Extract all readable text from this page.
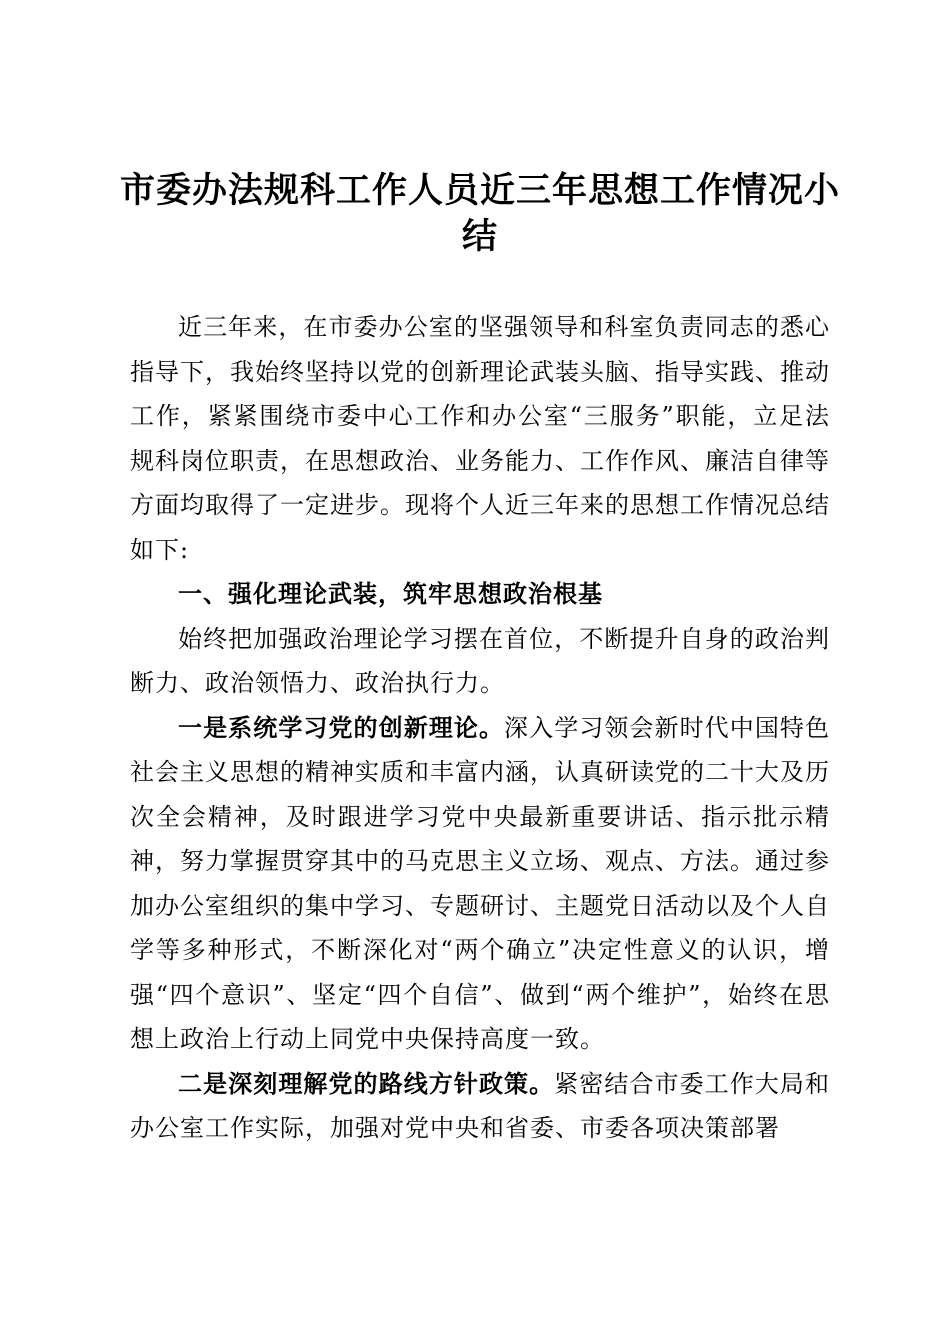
市委办法规科工作人员近三年思想工作情况小结

近三年来，在市委办公室的坚强领导和科室负责同志的悉心指导下，我始终坚持以党的创新理论武装头脑、指导实践、推动工作，紧紧围绕市委中心工作和办公室“三服务”职能，立足法规科岗位职责，在思想政治、业务能力、工作作风、廉洁自律等方面均取得了一定进步。现将个人近三年来的思想工作情况总结如下:

一、强化理论武装，筑牢思想政治根基

始终把加强政治理论学习摆在首位，不断提升自身的政治判断力、政治领悟力、政治执行力。

一是系统学习党的创新理论。深入学习领会新时代中国特色社会主义思想的精神实质和丰富内涵，认真研读党的二十大及历次全会精神，及时跟进学习党中央最新重要讲话、指示批示精神，努力掌握贯穿其中的马克思主义立场、观点、方法。通过参加办公室组织的集中学习、专题研讨、主题党日活动以及个人自学等多种形式，不断深化对“两个确立”决定性意义的认识，增强“四个意识”、坚定“四个自信”、做到“两个维护”，始终在思想上政治上行动上同党中央保持高度一致。

二是深刻理解党的路线方针政策。紧密结合市委工作大局和办公室工作实际，加强对党中央和省委、市委各项决策部署
